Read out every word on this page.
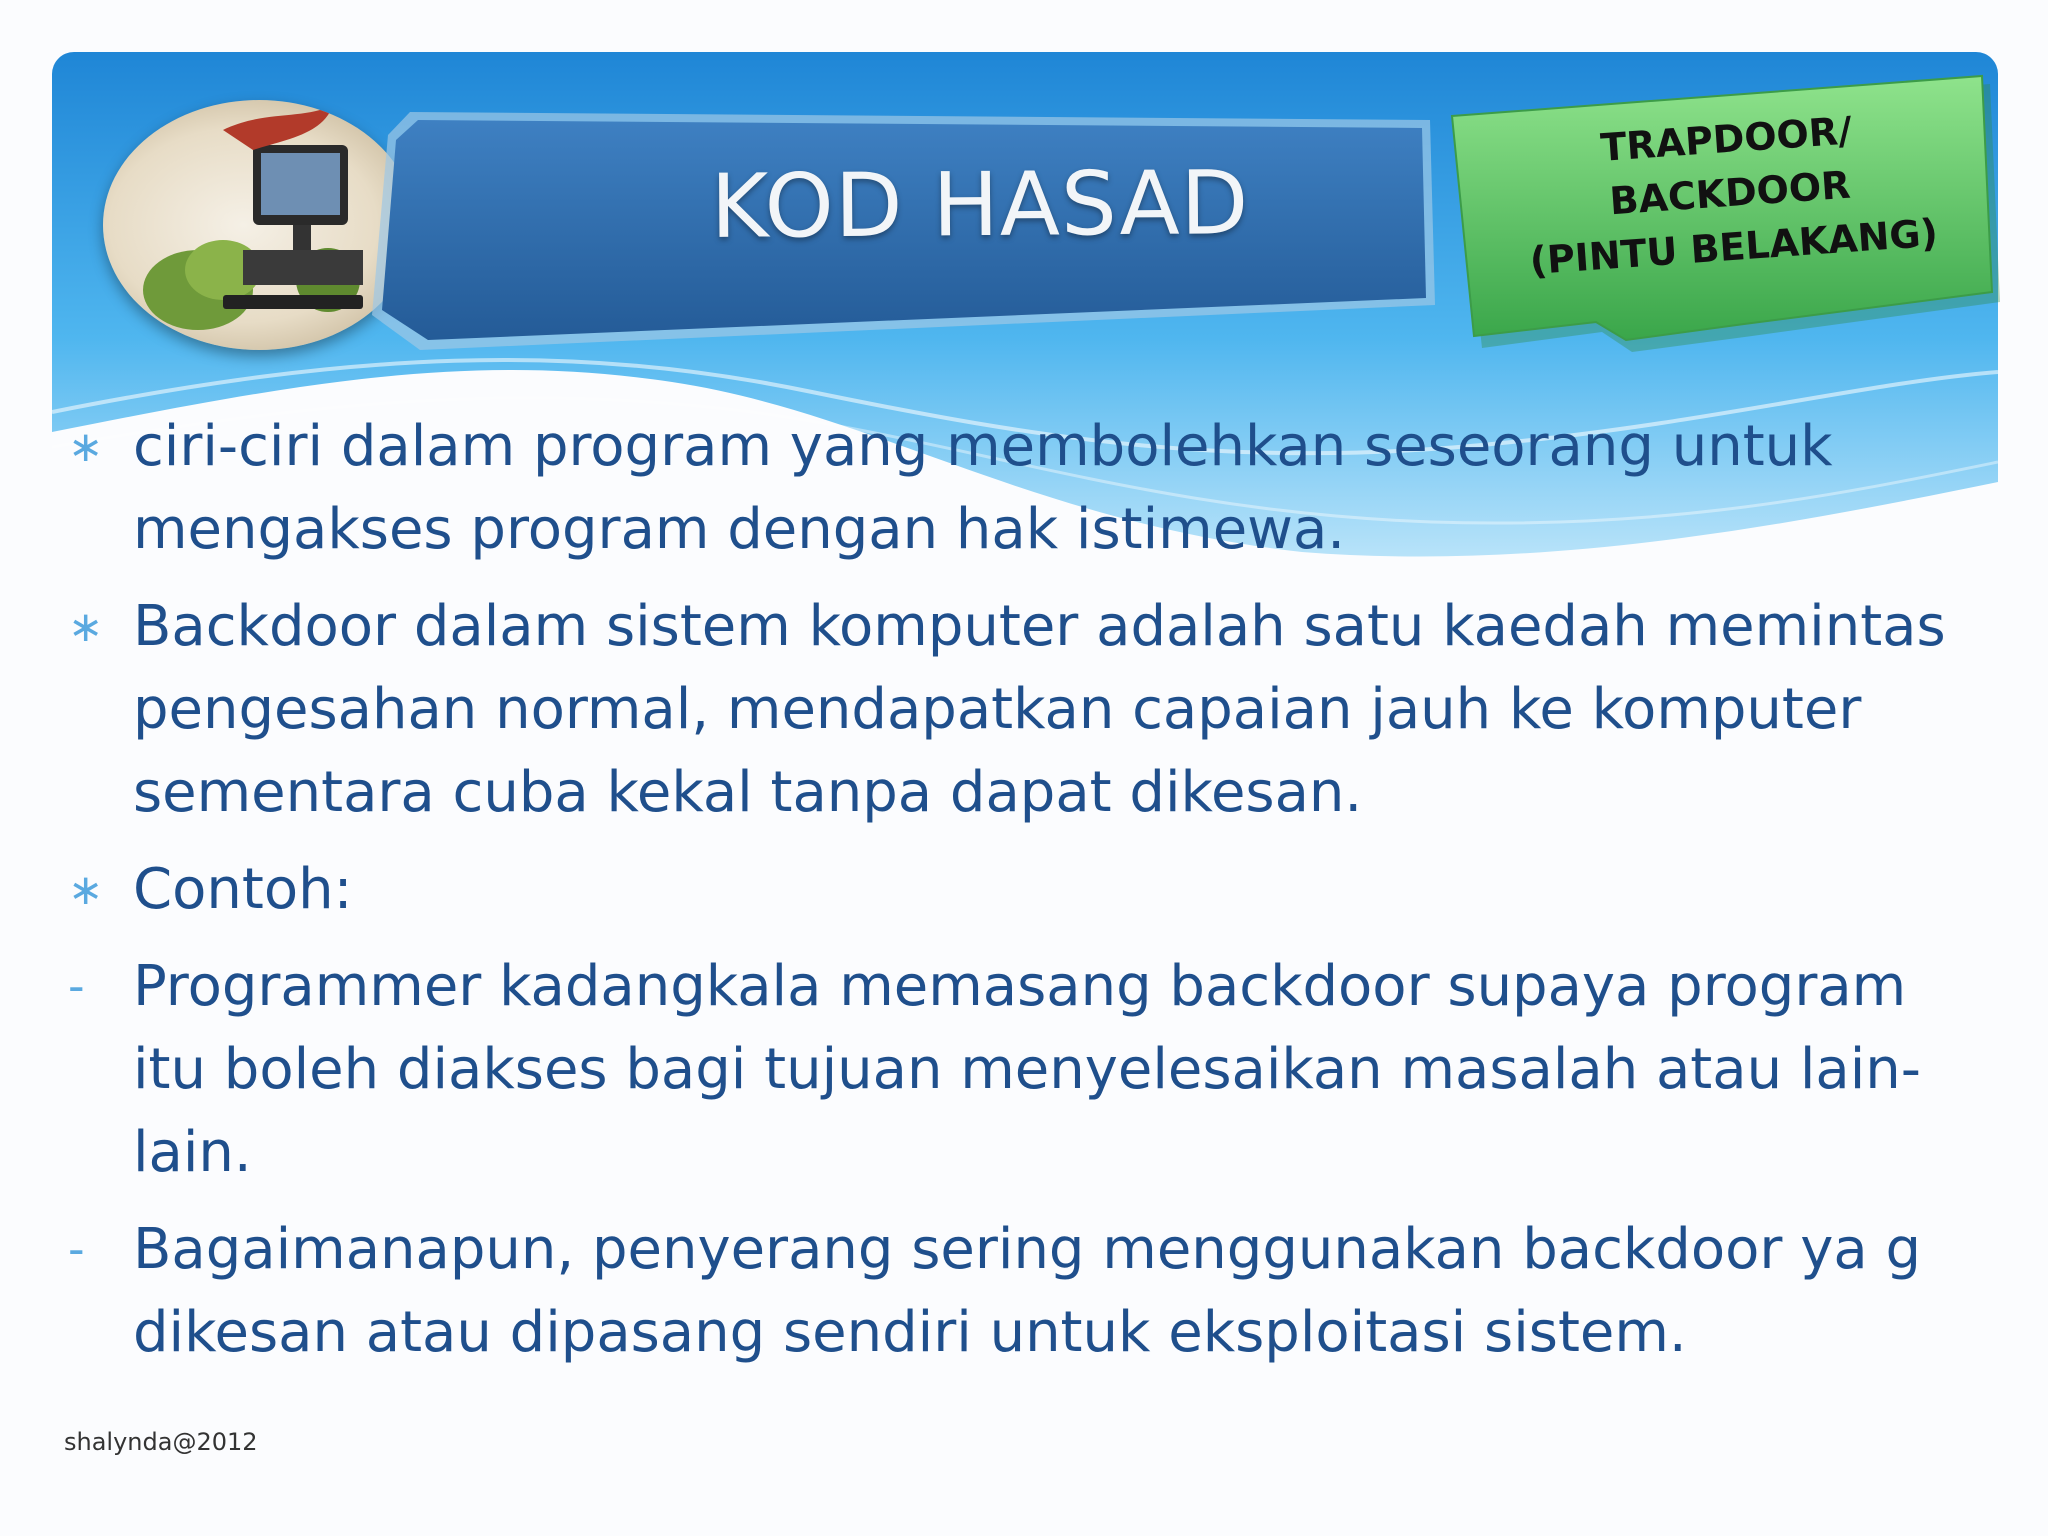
KOD HASAD
TRAPDOOR/
BACKDOOR
(PINTU BELAKANG)
∗ ciri-ciri dalam program yang membolehkan seseorang untuk mengakses program dengan hak istimewa.
∗ Backdoor dalam sistem komputer adalah satu kaedah memintas pengesahan normal, mendapatkan capaian jauh ke komputer sementara cuba kekal tanpa dapat dikesan.
∗ Contoh:
- Programmer kadangkala memasang backdoor supaya program itu boleh diakses bagi tujuan menyelesaikan masalah atau lain-lain.
- Bagaimanapun, penyerang sering menggunakan backdoor ya g dikesan atau dipasang sendiri untuk eksploitasi sistem.
shalynda@2012
